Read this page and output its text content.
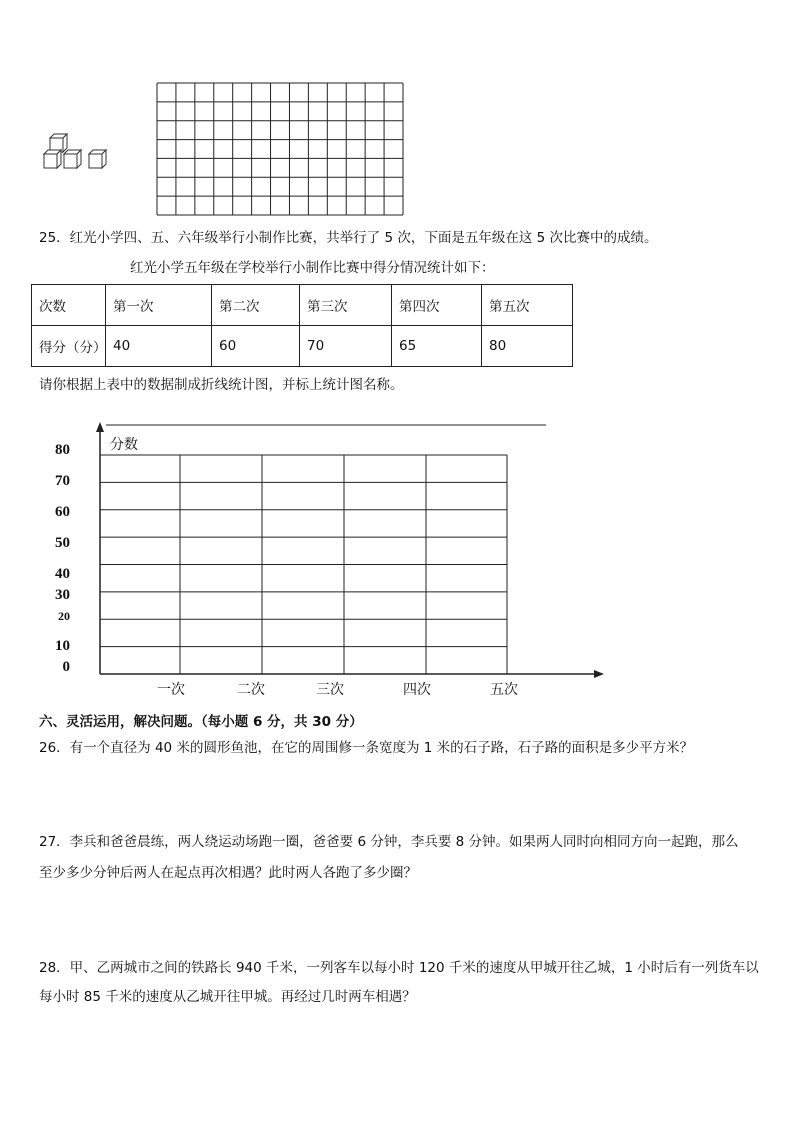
25．红光小学四、五、六年级举行小制作比赛，共举行了 5 次，下面是五年级在这 5 次比赛中的成绩。
红光小学五年级在学校举行小制作比赛中得分情况统计如下：
次数	第一次	第二次	第三次	第四次	第五次
得分（分）	40	60	70	65	80
请你根据上表中的数据制成折线统计图，并标上统计图名称。
分数
80
70
60
50
40
30
20
10
0
一次	二次	三次	四次	五次
六、灵活运用，解决问题。（每小题 6 分，共 30 分）
26．有一个直径为 40 米的圆形鱼池，在它的周围修一条宽度为 1 米的石子路，石子路的面积是多少平方米？
27．李兵和爸爸晨练，两人绕运动场跑一圈，爸爸要 6 分钟，李兵要 8 分钟。如果两人同时向相同方向一起跑，那么
至少多少分钟后两人在起点再次相遇？此时两人各跑了多少圈？
28．甲、乙两城市之间的铁路长 940 千米，一列客车以每小时 120 千米的速度从甲城开往乙城，1 小时后有一列货车以
每小时 85 千米的速度从乙城开往甲城。再经过几时两车相遇？
